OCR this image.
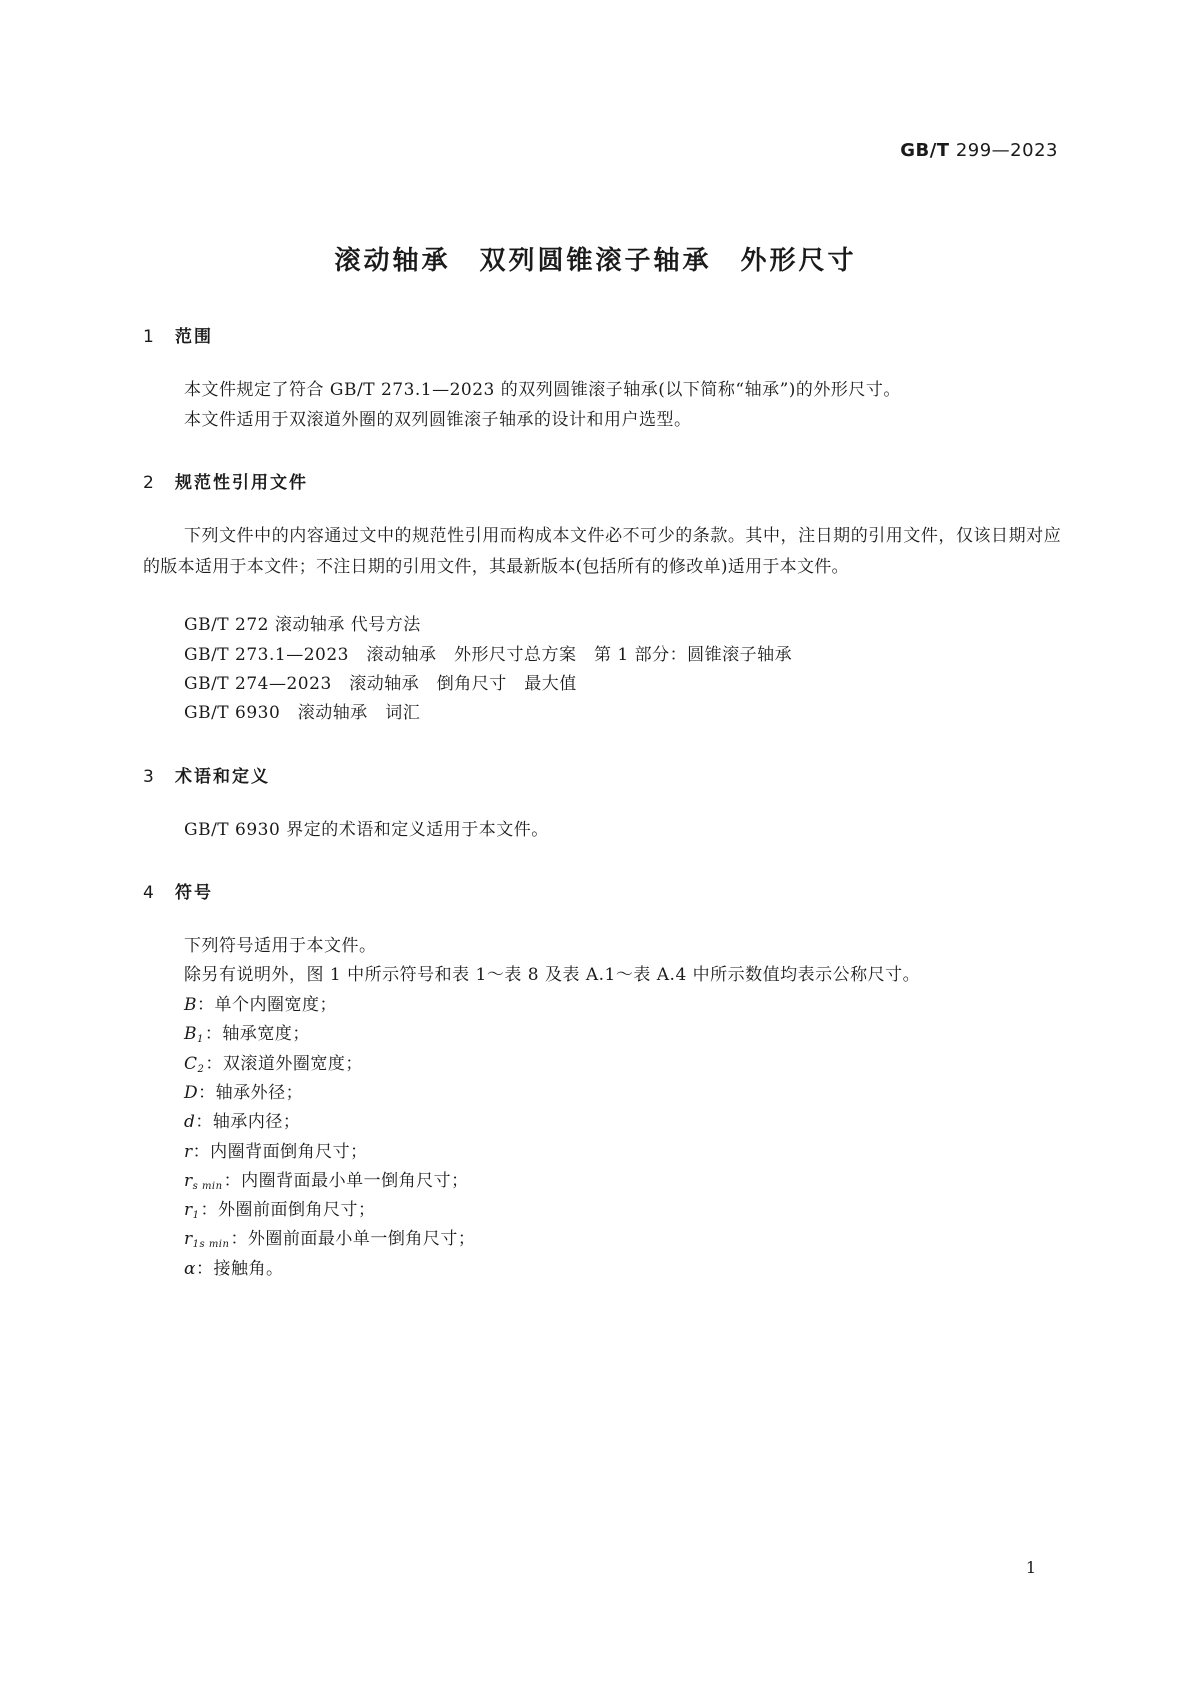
GB/T 299—2023
滚动轴承　双列圆锥滚子轴承　外形尺寸
1 范围
本文件规定了符合 GB/T 273.1—2023 的双列圆锥滚子轴承(以下简称“轴承”)的外形尺寸。
本文件适用于双滚道外圈的双列圆锥滚子轴承的设计和用户选型。
2 规范性引用文件
下列文件中的内容通过文中的规范性引用而构成本文件必不可少的条款。其中，注日期的引用文件，仅该日期对应的版本适用于本文件；不注日期的引用文件，其最新版本(包括所有的修改单)适用于本文件。
GB/T 272 滚动轴承 代号方法
GB/T 273.1—2023　滚动轴承　外形尺寸总方案　第 1 部分：圆锥滚子轴承
GB/T 274—2023　滚动轴承　倒角尺寸　最大值
GB/T 6930　滚动轴承　词汇
3 术语和定义
GB/T 6930 界定的术语和定义适用于本文件。
4 符号
下列符号适用于本文件。
除另有说明外，图 1 中所示符号和表 1～表 8 及表 A.1～表 A.4 中所示数值均表示公称尺寸。
B：单个内圈宽度；
$B_1$：轴承宽度；
$C_2$：双滚道外圈宽度；
D：轴承外径；
d：轴承内径；
r：内圈背面倒角尺寸；
$r_{s min}$：内圈背面最小单一倒角尺寸；
$r_1$：外圈前面倒角尺寸；
$r_{1s min}$：外圈前面最小单一倒角尺寸；
α：接触角。
1
